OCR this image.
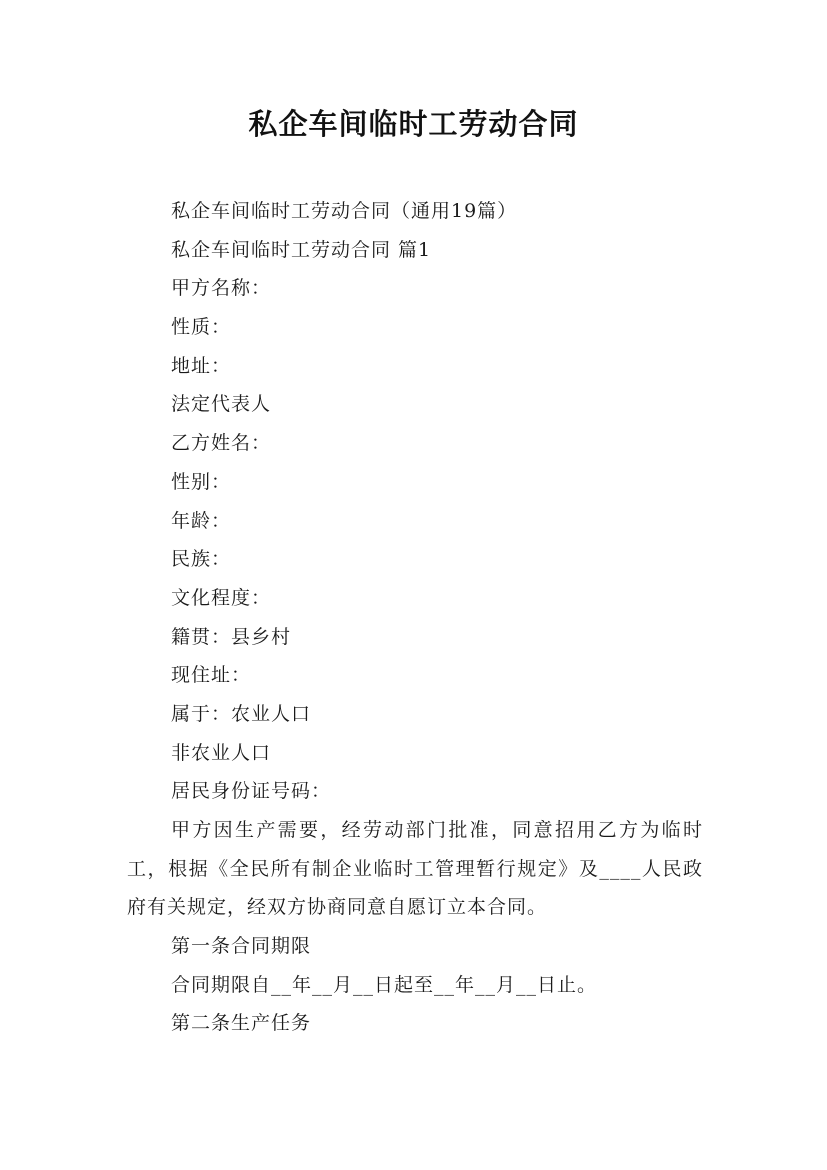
私企车间临时工劳动合同
私企车间临时工劳动合同（通用19篇）
私企车间临时工劳动合同 篇1
甲方名称：
性质：
地址：
法定代表人
乙方姓名：
性别：
年龄：
民族：
文化程度：
籍贯：县乡村
现住址：
属于：农业人口
非农业人口
居民身份证号码：

甲方因生产需要，经劳动部门批准，同意招用乙方为临时工，根据《全民所有制企业临时工管理暂行规定》及____人民政府有关规定，经双方协商同意自愿订立本合同。

第一条合同期限
合同期限自__年__月__日起至__年__月__日止。
第二条生产任务
